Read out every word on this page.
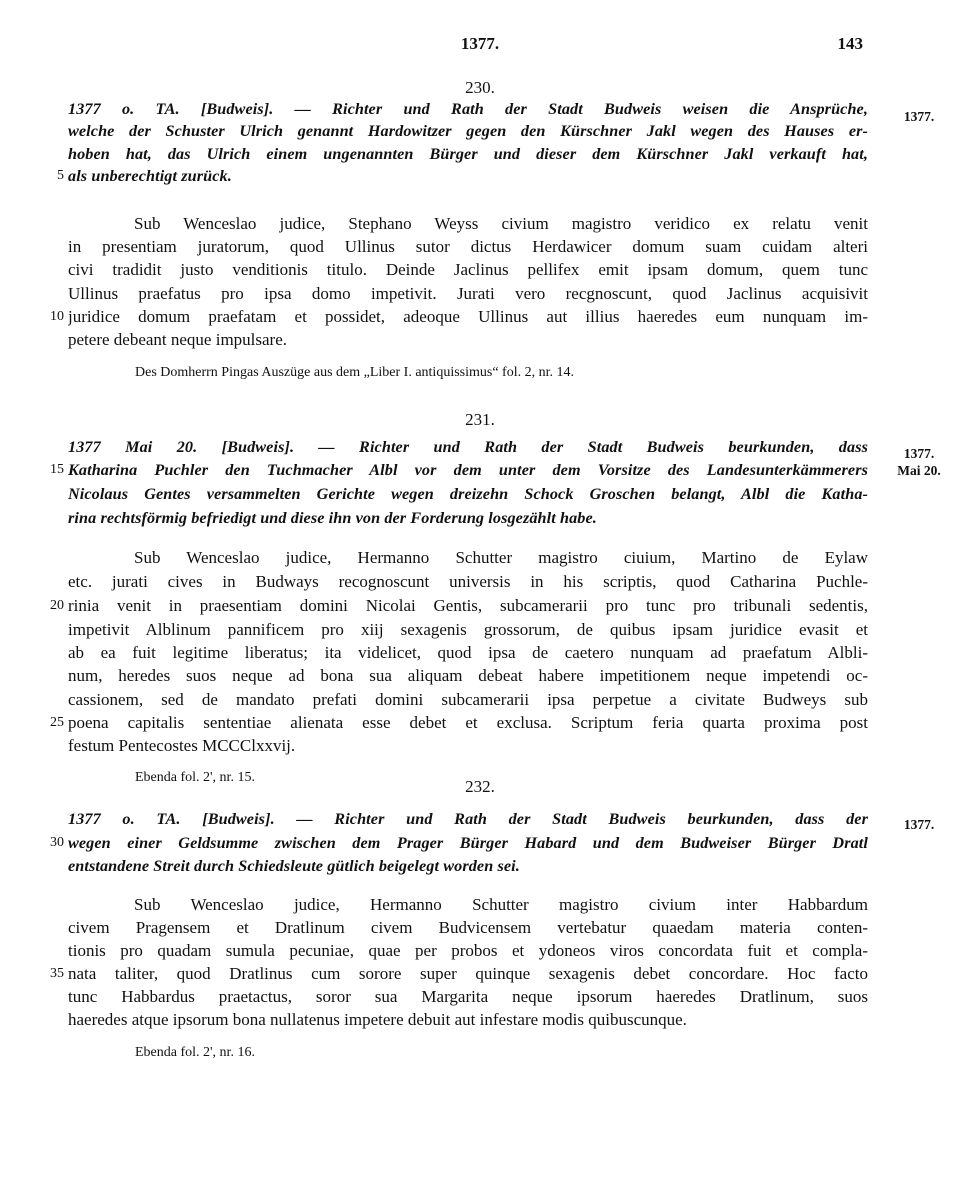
1377.	143
230.
1377.
1377 o. TA. [Budweis]. — Richter und Rath der Stadt Budweis weisen die Ansprüche,
welche der Schuster Ulrich genannt Hardowitzer gegen den Kürschner Jakl wegen des Hauses er-
hoben hat, das Ulrich einem ungenannten Bürger und dieser dem Kürschner Jakl verkauft hat,
als unberechtigt zurück.
5
Sub Wenceslao judice, Stephano Weyss civium magistro veridico ex relatu venit
in presentiam juratorum, quod Ullinus sutor dictus Herdawicer domum suam cuidam alteri
civi tradidit justo venditionis titulo. Deinde Jaclinus pellifex emit ipsam domum, quem tunc
Ullinus praefatus pro ipsa domo impetivit. Jurati vero recgnoscunt, quod Jaclinus acquisivit
juridice domum praefatam et possidet, adeoque Ullinus aut illius haeredes eum nunquam im-
10
petere debeant neque impulsare.
Des Domherrn Pingas Auszüge aus dem „Liber I. antiquissimus“ fol. 2, nr. 14.
231.
1377.
Mai 20.
1377 Mai 20. [Budweis]. — Richter und Rath der Stadt Budweis beurkunden, dass
Katharina Puchler den Tuchmacher Albl vor dem unter dem Vorsitze des Landesunterkämmerers
15
Nicolaus Gentes versammelten Gerichte wegen dreizehn Schock Groschen belangt, Albl die Katha-
rina rechtsförmig befriedigt und diese ihn von der Forderung losgezählt habe.
Sub Wenceslao judice, Hermanno Schutter magistro ciuium, Martino de Eylaw
etc. jurati cives in Budways recognoscunt universis in his scriptis, quod Catharina Puchle-
rinia venit in praesentiam domini Nicolai Gentis, subcamerarii pro tunc pro tribunali sedentis,
20
impetivit Alblinum pannificem pro xiij sexagenis grossorum, de quibus ipsam juridice evasit et
ab ea fuit legitime liberatus; ita videlicet, quod ipsa de caetero nunquam ad praefatum Albli-
num, heredes suos neque ad bona sua aliquam debeat habere impetitionem neque impetendi oc-
cassionem, sed de mandato prefati domini subcamerarii ipsa perpetue a civitate Budweys sub
poena capitalis sententiae alienata esse debet et exclusa. Scriptum feria quarta proxima post
25
festum Pentecostes MCCClxxvij.
Ebenda fol. 2', nr. 15.	232.
1377.
1377 o. TA. [Budweis]. — Richter und Rath der Stadt Budweis beurkunden, dass der
wegen einer Geldsumme zwischen dem Prager Bürger Habard und dem Budweiser Bürger Dratl
30
entstandene Streit durch Schiedsleute gütlich beigelegt worden sei.
Sub Wenceslao judice, Hermanno Schutter magistro civium inter Habbardum
civem Pragensem et Dratlinum civem Budvicensem vertebatur quaedam materia conten-
tionis pro quadam sumula pecuniae, quae per probos et ydoneos viros concordata fuit et compla-
nata taliter, quod Dratlinus cum sorore super quinque sexagenis debet concordare. Hoc facto
35
tunc Habbardus praetactus, soror sua Margarita neque ipsorum haeredes Dratlinum, suos
haeredes atque ipsorum bona nullatenus impetere debuit aut infestare modis quibuscunque.
Ebenda fol. 2', nr. 16.
